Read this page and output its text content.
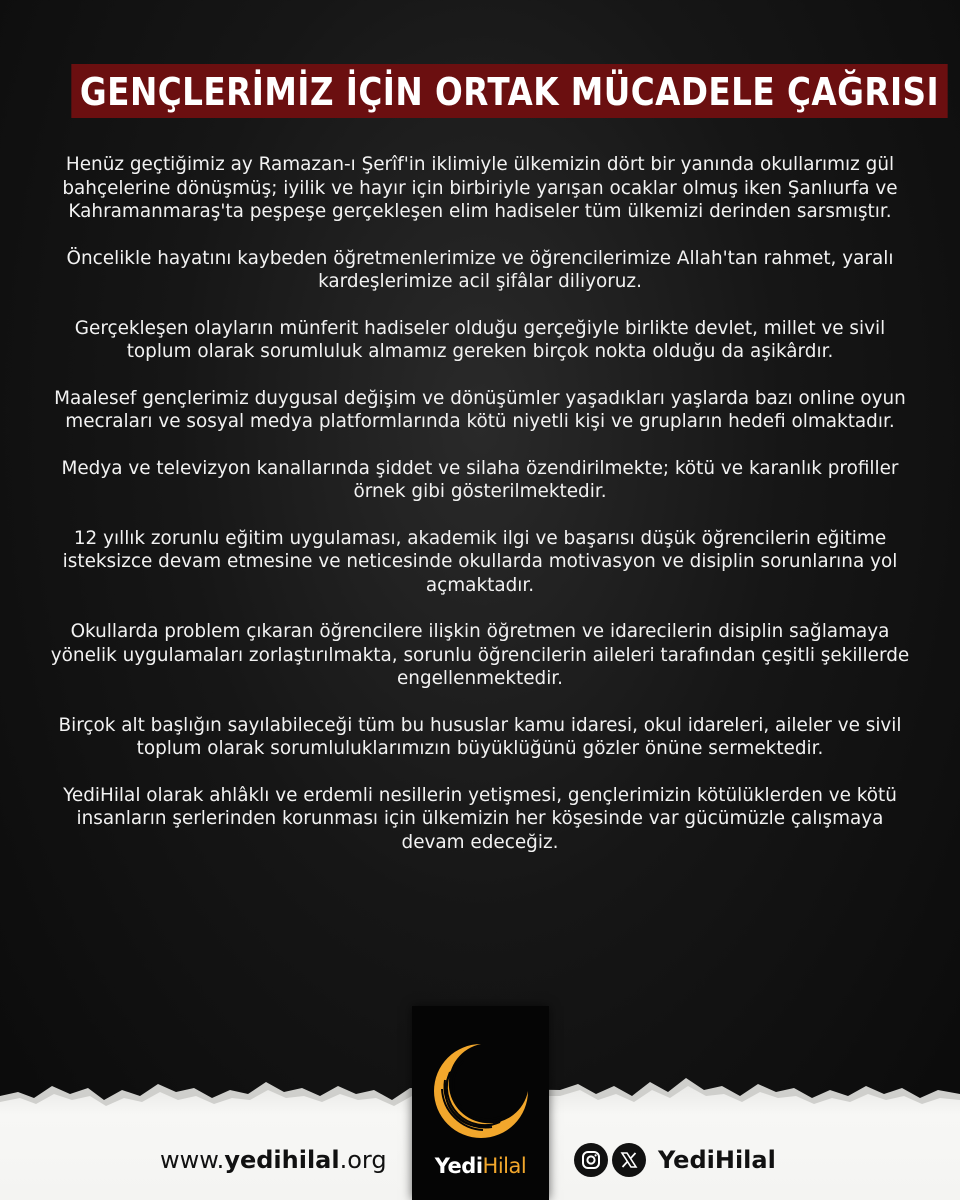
GENÇLERİMİZ İÇİN ORTAK MÜCADELE ÇAĞRISI

Henüz geçtiğimiz ay Ramazan-ı Şerîf'in iklimiyle ülkemizin dört bir yanında okullarımız gül bahçelerine dönüşmüş; iyilik ve hayır için birbiriyle yarışan ocaklar olmuş iken Şanlıurfa ve Kahramanmaraş'ta peşpeşe gerçekleşen elim hadiseler tüm ülkemizi derinden sarsmıştır.

Öncelikle hayatını kaybeden öğretmenlerimize ve öğrencilerimize Allah'tan rahmet, yaralı kardeşlerimize acil şifâlar diliyoruz.

Gerçekleşen olayların münferit hadiseler olduğu gerçeğiyle birlikte devlet, millet ve sivil toplum olarak sorumluluk almamız gereken birçok nokta olduğu da aşikârdır.

Maalesef gençlerimiz duygusal değişim ve dönüşümler yaşadıkları yaşlarda bazı online oyun mecraları ve sosyal medya platformlarında kötü niyetli kişi ve grupların hedefi olmaktadır.

Medya ve televizyon kanallarında şiddet ve silaha özendirilmekte; kötü ve karanlık profiller örnek gibi gösterilmektedir.

12 yıllık zorunlu eğitim uygulaması, akademik ilgi ve başarısı düşük öğrencilerin eğitime isteksizce devam etmesine ve neticesinde okullarda motivasyon ve disiplin sorunlarına yol açmaktadır.

Okullarda problem çıkaran öğrencilere ilişkin öğretmen ve idarecilerin disiplin sağlamaya yönelik uygulamaları zorlaştırılmakta, sorunlu öğrencilerin aileleri tarafından çeşitli şekillerde engellenmektedir.

Birçok alt başlığın sayılabileceği tüm bu hususlar kamu idaresi, okul idareleri, aileler ve sivil toplum olarak sorumluluklarımızın büyüklüğünü gözler önüne sermektedir.

YediHilal olarak ahlâklı ve erdemli nesillerin yetişmesi, gençlerimizin kötülüklerden ve kötü insanların şerlerinden korunması için ülkemizin her köşesinde var gücümüzle çalışmaya devam edeceğiz.

YediHilal
www.yedihilal.org	YediHilal
